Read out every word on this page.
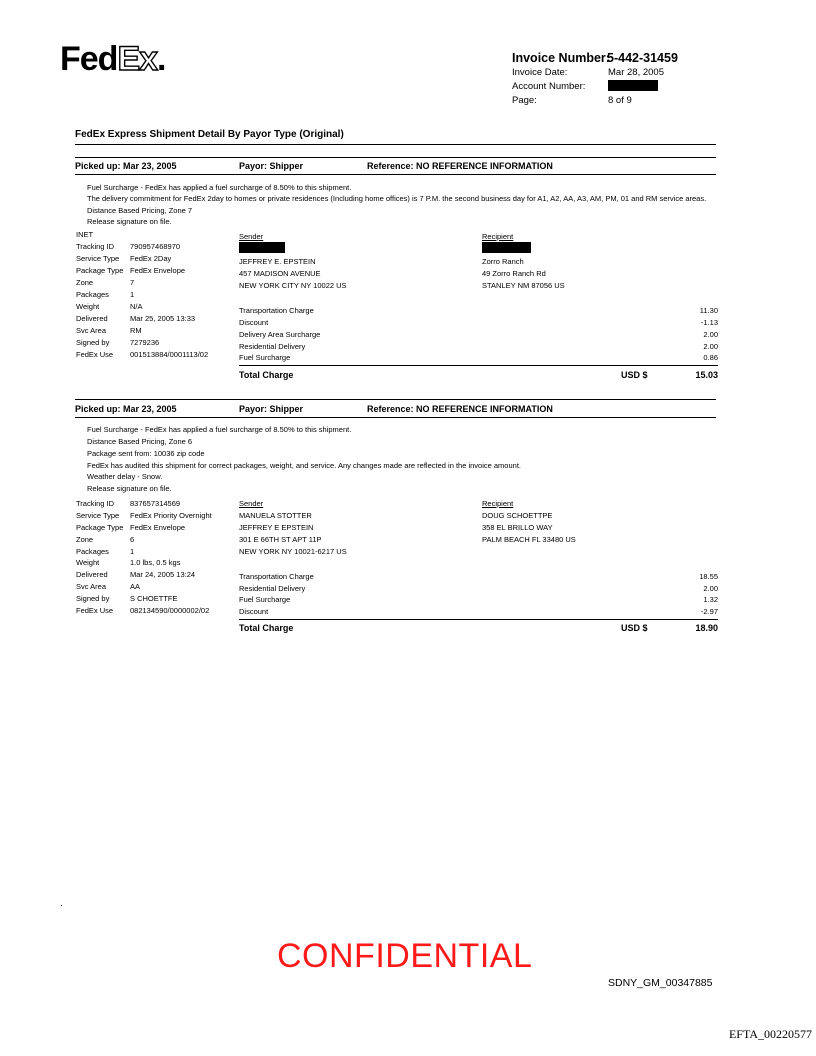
FedEx.	Invoice Number:
5-442-31459
Invoice Date:	Mar 28, 2005
Account Number:
Page:	8 of 9
FedEx Express Shipment Detail By Payor Type (Original)
Picked up: Mar 23, 2005	Payor: Shipper	Reference: NO REFERENCE INFORMATION
Fuel Surcharge - FedEx has applied a fuel surcharge of 8.50% to this shipment.
The delivery commitment for FedEx 2day to homes or private residences (Including home offices) is 7 P.M. the second business day for A1, A2, AA, A3, AM, PM, 01 and RM service areas.
Distance Based Pricing, Zone 7
Release signature on file.
INET
Tracking ID 790957468970
Service Type FedEx 2Day
Package Type FedEx Envelope
Zone	7
Packages	1
Weight	N/A
Delivered	Mar 25, 2005 13:33
Svc Area	RM
Signed by	7279236
FedEx Use 001513884/0001113/02
Sender
JEFFREY E. EPSTEIN
457 MADISON AVENUE
NEW YORK CITY NY 10022 US
Recipient
Zorro Ranch
49 Zorro Ranch Rd
STANLEY NM 87056 US
Transportation Charge	11.30
Discount	-1.13
Delivery Area Surcharge	2.00
Residential Delivery	2.00
Fuel Surcharge	0.86
Total Charge	USD $	15.03
Picked up: Mar 23, 2005	Payor: Shipper	Reference: NO REFERENCE INFORMATION
Fuel Surcharge - FedEx has applied a fuel surcharge of 8.50% to this shipment.
Distance Based Pricing, Zone 6
Package sent from: 10036 zip code
FedEx has audited this shipment for correct packages, weight, and service. Any changes made are reflected in the invoice amount.
Weather delay - Snow.
Release signature on file.
Tracking ID 837657314569
Service Type FedEx Priority Overnight
Package Type FedEx Envelope
Zone	6
Packages	1
Weight	1.0 lbs, 0.5 kgs
Delivered	Mar 24, 2005 13:24
Svc Area	AA
Signed by	S CHOETTFE
FedEx Use 082134590/0000002/02
Sender
MANUELA STOTTER
JEFFREY E EPSTEIN
301 E 66TH ST APT 11P
NEW YORK NY 10021-6217 US
Recipient
DOUG SCHOETTPE
358 EL BRILLO WAY
PALM BEACH FL 33480 US
Transportation Charge	18.55
Residential Delivery	2.00
Fuel Surcharge	1.32
Discount	-2.97
Total Charge	USD $	18.90
.
CONFIDENTIAL
SDNY_GM_00347885
EFTA_00220577
